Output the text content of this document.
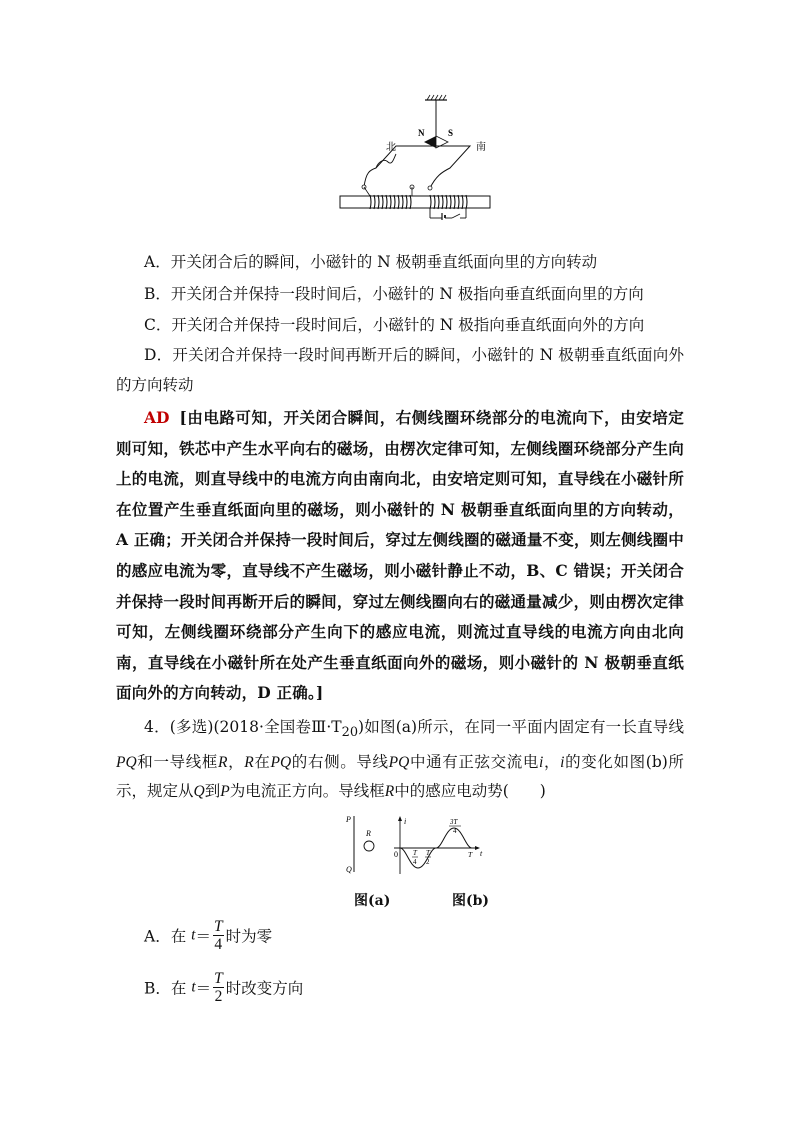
N	S
北	南
A．开关闭合后的瞬间，小磁针的 N 极朝垂直纸面向里的方向转动
B．开关闭合并保持一段时间后，小磁针的 N 极指向垂直纸面向里的方向
C．开关闭合并保持一段时间后，小磁针的 N 极指向垂直纸面向外的方向

D．开关闭合并保持一段时间再断开后的瞬间，小磁针的 N 极朝垂直纸面向外的方向转动

AD [由电路可知，开关闭合瞬间，右侧线圈环绕部分的电流向下，由安培定则可知，铁芯中产生水平向右的磁场，由楞次定律可知，左侧线圈环绕部分产生向上的电流，则直导线中的电流方向由南向北，由安培定则可知，直导线在小磁针所在位置产生垂直纸面向里的磁场，则小磁针的 N 极朝垂直纸面向里的方向转动，A 正确；开关闭合并保持一段时间后，穿过左侧线圈的磁通量不变，则左侧线圈中的感应电流为零，直导线不产生磁场，则小磁针静止不动，B、C 错误；开关闭合并保持一段时间再断开后的瞬间，穿过左侧线圈向右的磁通量减少，则由楞次定律可知，左侧线圈环绕部分产生向下的感应电流，则流过直导线的电流方向由北向南，直导线在小磁针所在处产生垂直纸面向外的磁场，则小磁针的 N 极朝垂直纸面向外的方向转动，D 正确。]

4．(多选)(2018·全国卷$Ⅲ\cdot T_{20}$)如图(a)所示，在同一平面内固定有一长直导线PQ和一导线框R，R在PQ的右侧。导线PQ中通有正弦交流电i，i的变化如图(b)所示，规定从Q到P为电流正方向。导线框R中的感应电动势(　　)

P
Q
R
i
t
0	T
T
4
T
2
3T
4
图(a)	图(b)
A．在 $t= \frac{T}{4}$ 时为零
B．在 $t= \frac{T}{2}$ 时改变方向
